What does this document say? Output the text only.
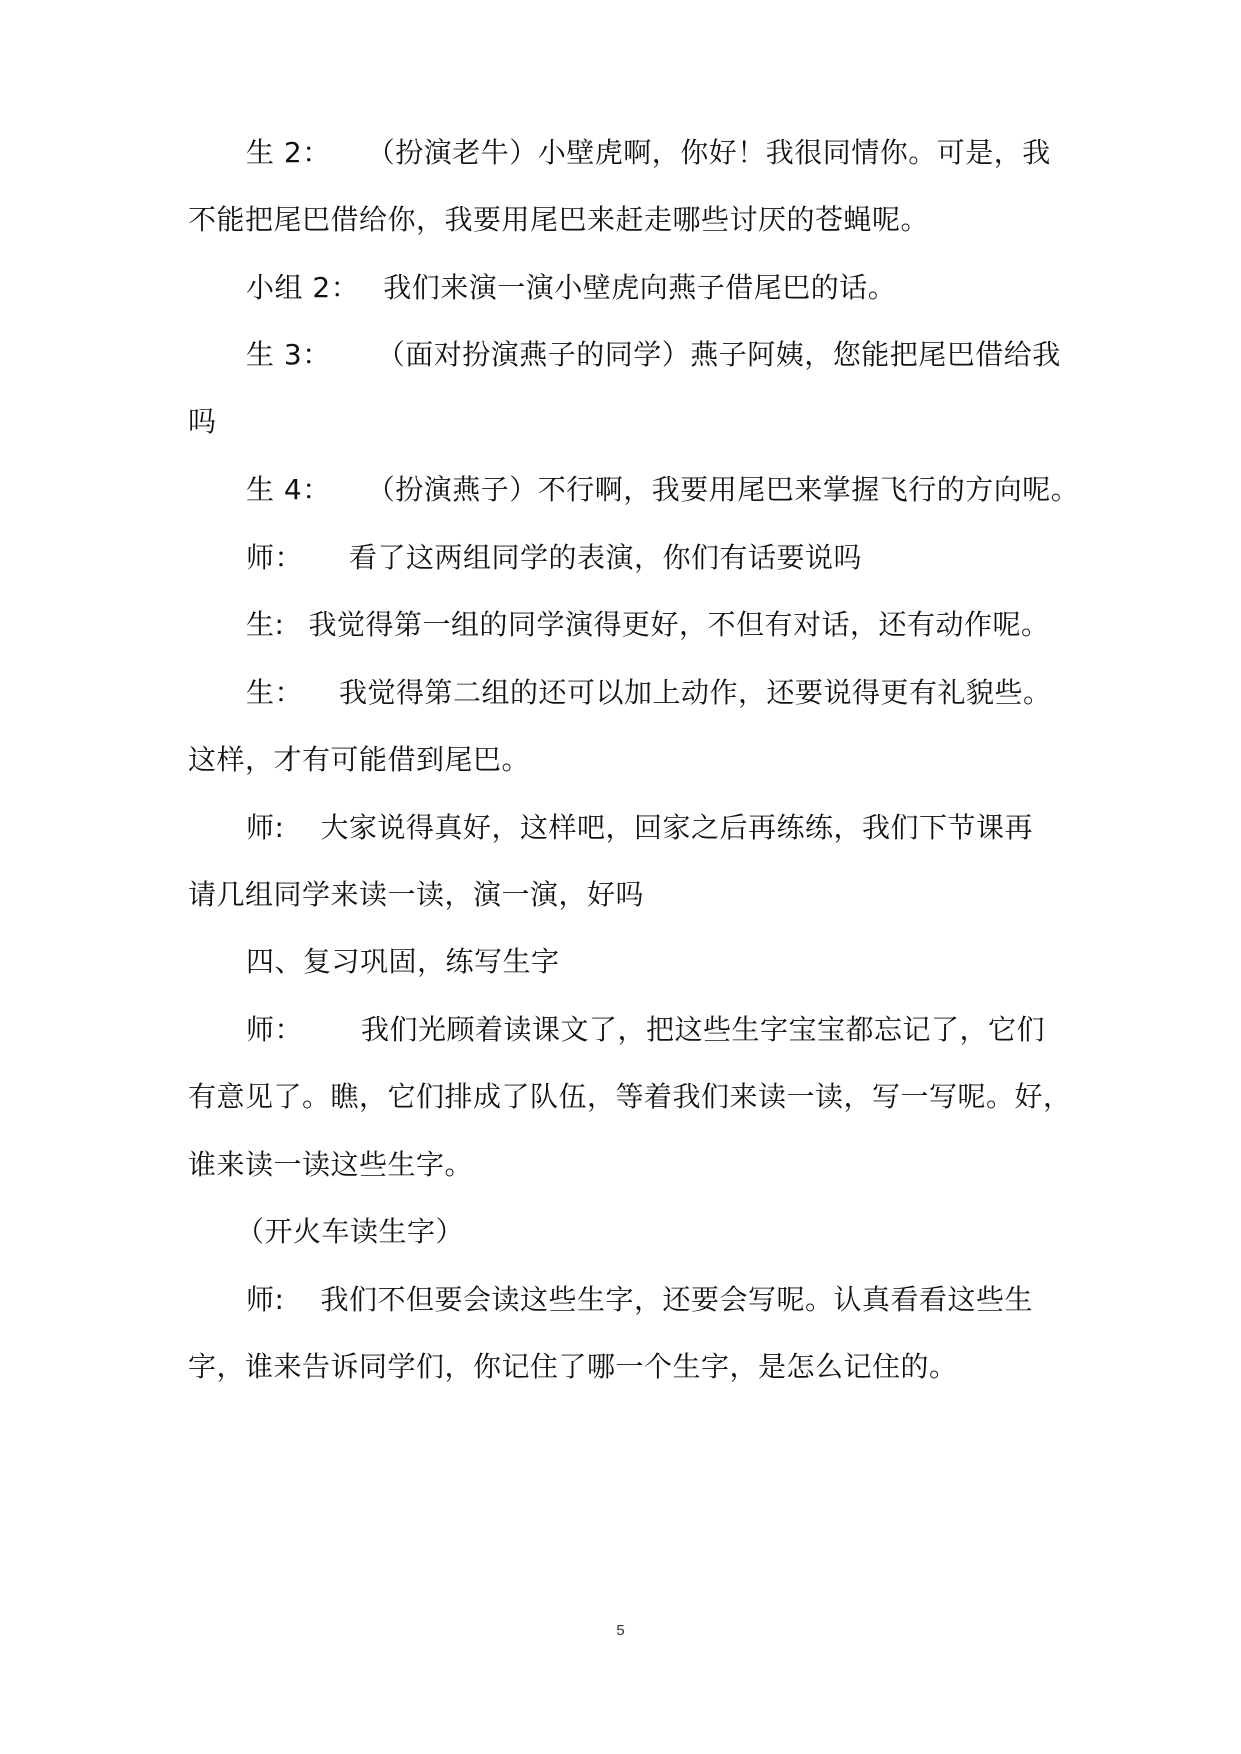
生 2： （扮演老牛）小壁虎啊，你好！我很同情你。可是，我
不能把尾巴借给你，我要用尾巴来赶走哪些讨厌的苍蝇呢。
小组 2： 我们来演一演小壁虎向燕子借尾巴的话。
生 3： （面对扮演燕子的同学）燕子阿姨，您能把尾巴借给我
吗
生 4： （扮演燕子）不行啊，我要用尾巴来掌握飞行的方向呢。
师： 看了这两组同学的表演，你们有话要说吗
生: 我觉得第一组的同学演得更好，不但有对话，还有动作呢。
生： 我觉得第二组的还可以加上动作，还要说得更有礼貌些。
这样，才有可能借到尾巴。
师: 大家说得真好，这样吧，回家之后再练练，我们下节课再
请几组同学来读一读，演一演，好吗
四、复习巩固，练写生字
师： 我们光顾着读课文了，把这些生字宝宝都忘记了，它们
有意见了。瞧，它们排成了队伍，等着我们来读一读，写一写呢。好，
谁来读一读这些生字。
（开火车读生字）
师: 我们不但要会读这些生字，还要会写呢。认真看看这些生
字，谁来告诉同学们，你记住了哪一个生字，是怎么记住的。
5
